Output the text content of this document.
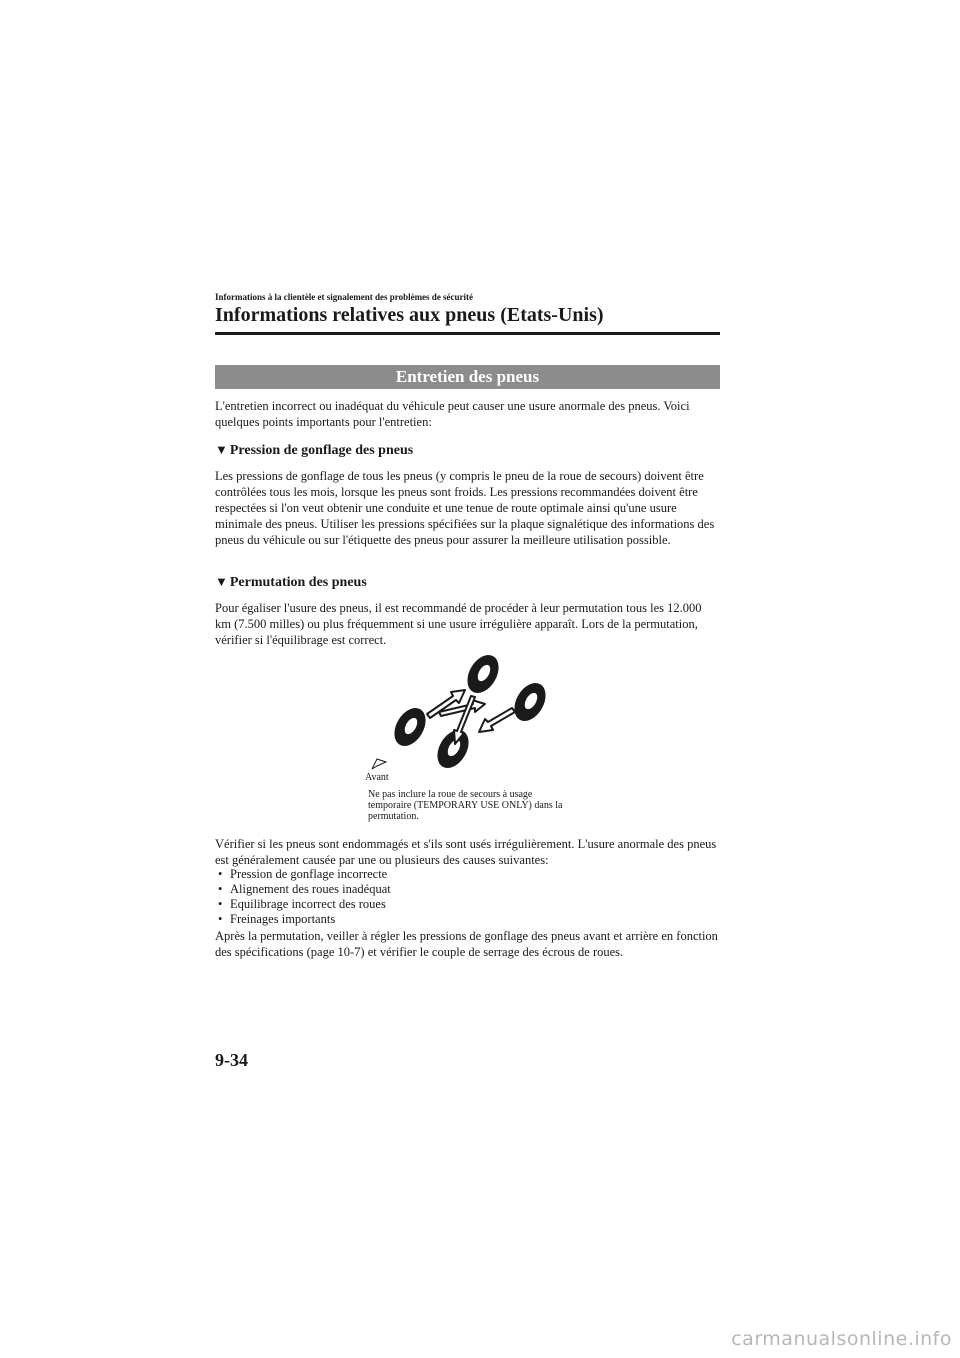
Informations à la clientèle et signalement des problèmes de sécurité
Informations relatives aux pneus (Etats-Unis)
Entretien des pneus

L'entretien incorrect ou inadéquat du véhicule peut causer une usure anormale des pneus. Voici quelques points importants pour l'entretien:

▼ Pression de gonflage des pneus

Les pressions de gonflage de tous les pneus (y compris le pneu de la roue de secours) doivent être contrôlées tous les mois, lorsque les pneus sont froids. Les pressions recommandées doivent être respectées si l'on veut obtenir une conduite et une tenue de route optimale ainsi qu'une usure minimale des pneus. Utiliser les pressions spécifiées sur la plaque signalétique des informations des pneus du véhicule ou sur l'étiquette des pneus pour assurer la meilleure utilisation possible.

▼ Permutation des pneus

Pour égaliser l'usure des pneus, il est recommandé de procéder à leur permutation tous les 12.000 km (7.500 milles) ou plus fréquemment si une usure irrégulière apparaît. Lors de la permutation, vérifier si l'équilibrage est correct.

Avant
Ne pas inclure la roue de secours à usage temporaire (TEMPORARY USE ONLY) dans la permutation.

Vérifier si les pneus sont endommagés et s'ils sont usés irrégulièrement. L'usure anormale des pneus est généralement causée par une ou plusieurs des causes suivantes:

• Pression de gonflage incorrecte
• Alignement des roues inadéquat
• Equilibrage incorrect des roues
• Freinages importants

Après la permutation, veiller à régler les pressions de gonflage des pneus avant et arrière en fonction des spécifications (page 10-7) et vérifier le couple de serrage des écrous de roues.

9-34
carmanualsonline.info
